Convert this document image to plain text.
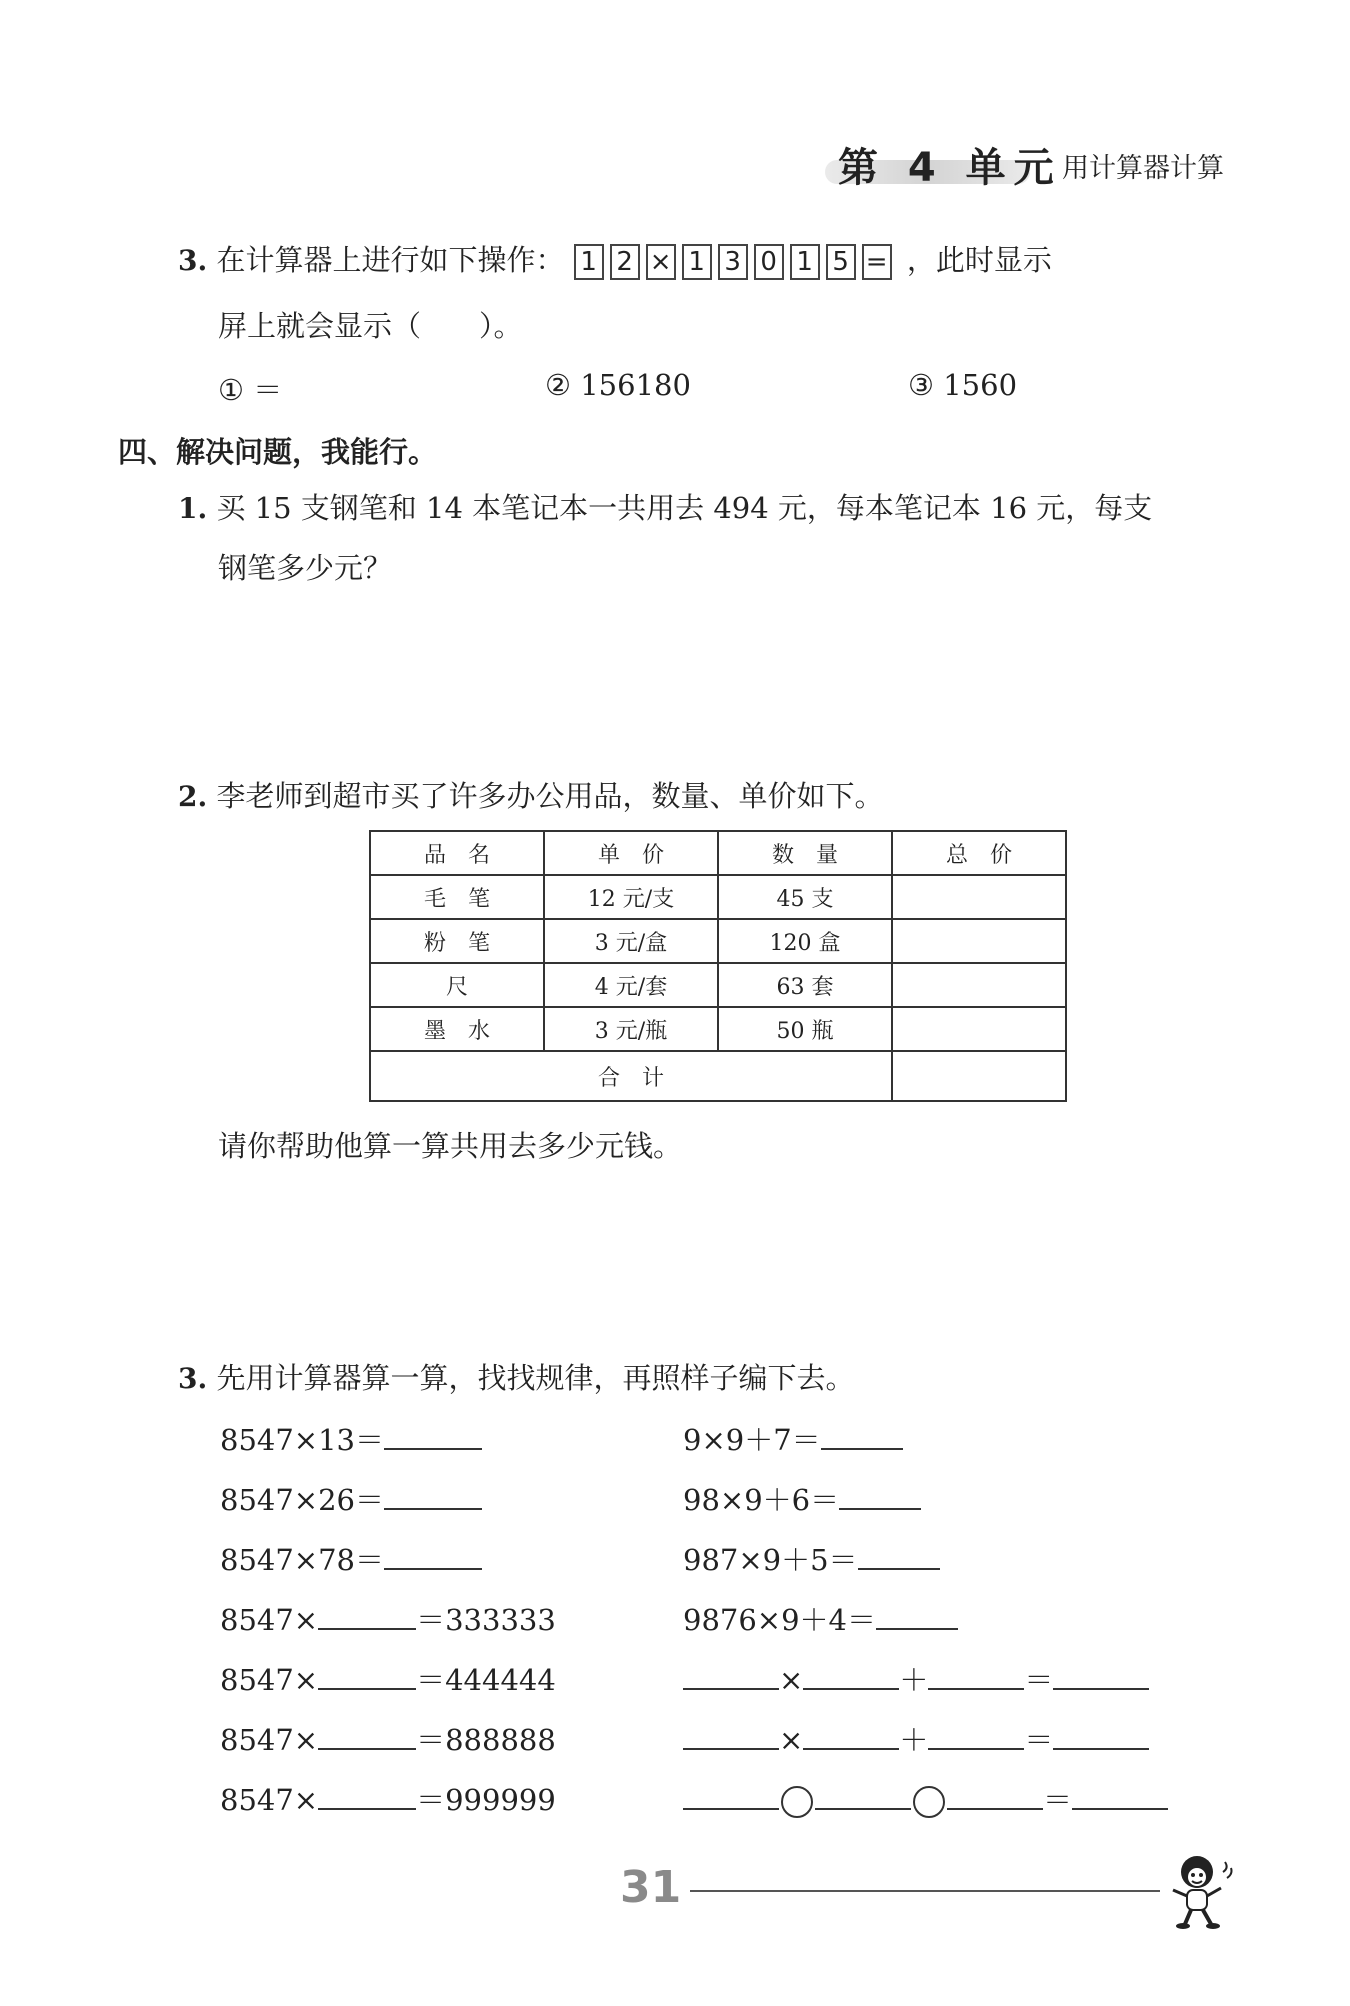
第 4 单元 用计算器计算
3. 在计算器上进行如下操作： 1 2 × 1 3 0 1 5 = ，此时显示
屏上就会显示（　　）。
① ＝	② 156180	③ 1560
四、解决问题，我能行。
1. 买 15 支钢笔和 14 本笔记本一共用去 494 元，每本笔记本 16 元，每支
钢笔多少元？
2. 李老师到超市买了许多办公用品，数量、单价如下。
品　名	单　价	数　量	总　价
毛　笔	12 元/支	45 支	
粉　笔	3 元/盒	120 盒	
尺	4 元/套	63 套	
墨　水	3 元/瓶	50 瓶	
合　计			
请你帮助他算一算共用去多少元钱。
3. 先用计算器算一算，找找规律，再照样子编下去。
8547×13＝
8547×26＝
8547×78＝
8547×	＝333333
8547×	＝444444
8547×	＝888888
8547×	＝999999
9×9＋7＝
98×9＋6＝
987×9＋5＝
9876×9＋4＝
×	＋	＝
×	＋	＝
＝
31
